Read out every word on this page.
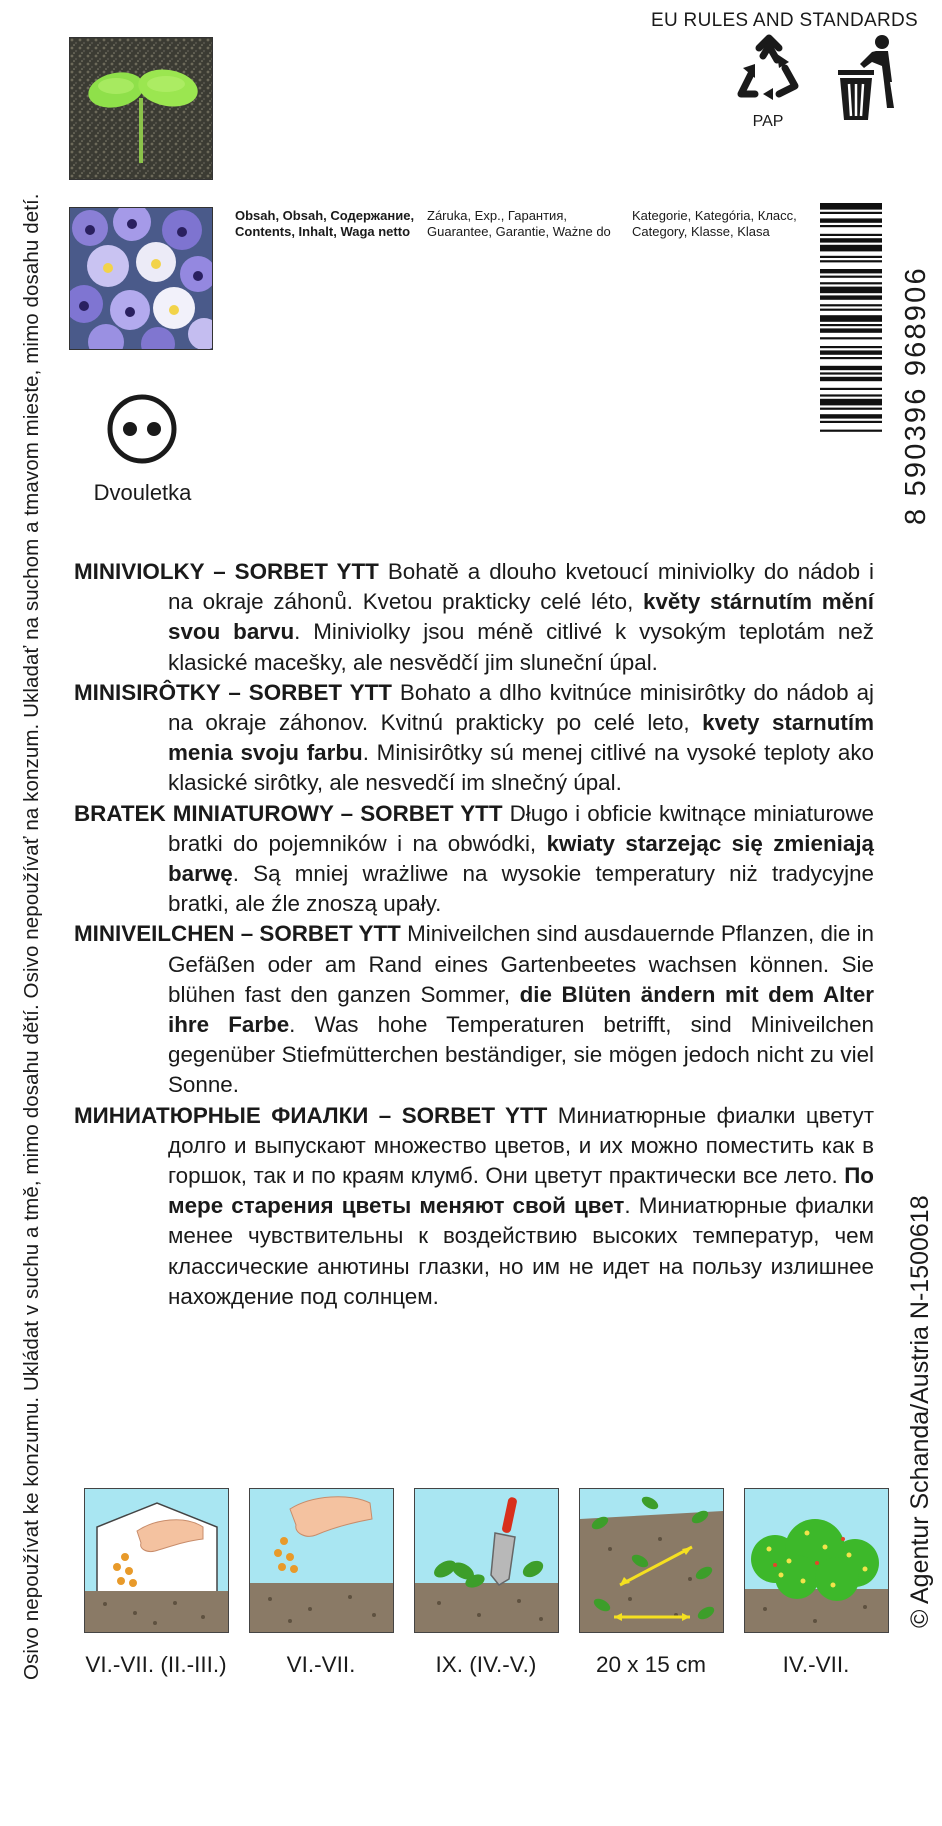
Osivo nepoužívat ke konzumu. Ukládat v suchu a tmě, mimo dosahu dětí. Osivo nepoužívať na konzum. Ukladať na suchom a tmavom mieste, mimo dosahu detí.	© Agentur Schanda/Austria N-1500618
EU RULES AND STANDARDS
PAP
Obsah, Obsah, Содержание,
Contents, Inhalt, Waga netto
Záruka, Exp., Гарантия,
Guarantee, Garantie, Ważne do
Kategorie, Kategória, Класс,
Category, Klasse, Klasa
8 590396 968906
Dvouletka

MINIVIOLKY – SORBET YTT Bohatě a dlouho kvetoucí miniviolky do nádob i na okraje záhonů. Kvetou prakticky celé léto, květy stárnutím mění svou barvu. Miniviolky jsou méně citlivé k vysokým teplotám než klasické macešky, ale nesvědčí jim sluneční úpal.

MINISIRÔTKY – SORBET YTT Bohato a dlho kvitnúce minisirôtky do nádob aj na okraje záhonov. Kvitnú prakticky po celé leto, kvety starnutím menia svoju farbu. Minisirôtky sú menej citlivé na vysoké teploty ako klasické sirôtky, ale nesvedčí im slnečný úpal.

BRATEK MINIATUROWY – SORBET YTT Długo i obficie kwitnące miniaturowe bratki do pojemników i na obwódki, kwiaty starzejąc się zmieniają barwę. Są mniej wrażliwe na wysokie temperatury niż tradycyjne bratki, ale źle znoszą upały.

MINIVEILCHEN – SORBET YTT Miniveilchen sind ausdauernde Pflanzen, die in Gefäßen oder am Rand eines Gartenbeetes wachsen können. Sie blühen fast den ganzen Sommer, die Blüten ändern mit dem Alter ihre Farbe. Was hohe Temperaturen betrifft, sind Miniveilchen gegenüber Stiefmütterchen beständiger, sie mögen jedoch nicht zu viel Sonne.

МИНИАТЮРНЫЕ ФИАЛКИ – SORBET YTT Миниатюрные фиалки цветут долго и выпускают множество цветов, и их можно поместить как в горшок, так и по краям клумб. Они цветут практически все лето. По мере старения цветы меняют свой цвет. Миниатюрные фиалки менее чувствительны к воздействию высоких температур, чем классические анютины глазки, но им не идет на пользу излишнее нахождение под солнцем.

VI.-VII. (II.-III.)	VI.-VII.	IX. (IV.-V.)	20 x 15 cm	IV.-VII.
